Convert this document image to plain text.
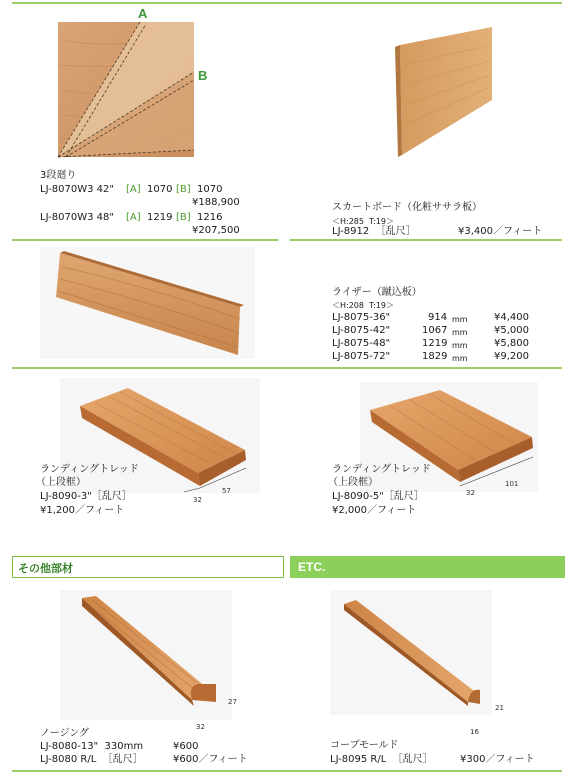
A
B
3段廻り
LJ-8070W3 42" [A] 1070 [B] 1070
¥188,900
LJ-8070W3 48" [A] 1219 [B] 1216
¥207,500
スカートボード（化粧ササラ板）
＜H:285  T:19＞
LJ-8912  ［乱尺］	¥3,400／フィート
ライザー（蹴込板）
＜H:208  T:19＞
LJ-8075-36"	914 mm	¥4,400
LJ-8075-42"	1067 mm	¥5,000
LJ-8075-48"	1219 mm	¥5,800
LJ-8075-72"	1829 mm	¥9,200
32
57
ランディングトレッド
（上段框）
LJ-8090-3"［乱尺］
¥1,200／フィート
32
101
ランディングトレッド
（上段框）
LJ-8090-5"［乱尺］
¥2,000／フィート
その他部材	ETC.
27
32
ノージング
LJ-8080-13"  330mm	¥600
LJ-8080 R/L  ［乱尺］	¥600／フィート
21
16
コーブモールド
LJ-8095 R/L  ［乱尺］	¥300／フィート
